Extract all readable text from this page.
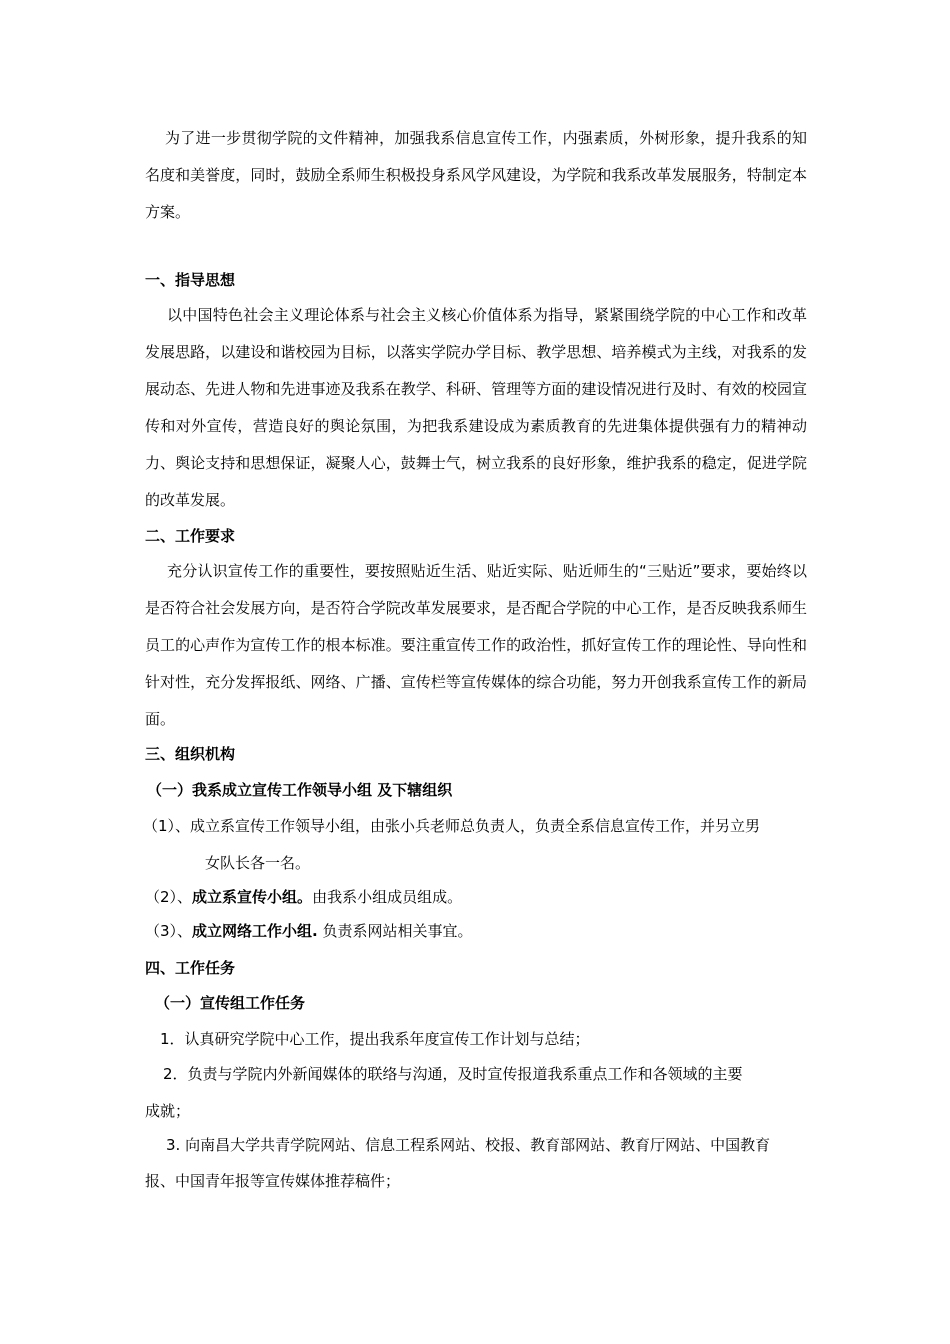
为了进一步贯彻学院的文件精神，加强我系信息宣传工作，内强素质，外树形象，提升我系的知名度和美誉度，同时，鼓励全系师生积极投身系风学风建设，为学院和我系改革发展服务，特制定本方案。

一、指导思想

以中国特色社会主义理论体系与社会主义核心价值体系为指导，紧紧围绕学院的中心工作和改革发展思路，以建设和谐校园为目标，以落实学院办学目标、教学思想、培养模式为主线，对我系的发展动态、先进人物和先进事迹及我系在教学、科研、管理等方面的建设情况进行及时、有效的校园宣传和对外宣传，营造良好的舆论氛围，为把我系建设成为素质教育的先进集体提供强有力的精神动力、舆论支持和思想保证，凝聚人心，鼓舞士气，树立我系的良好形象，维护我系的稳定，促进学院的改革发展。

二、工作要求

充分认识宣传工作的重要性，要按照贴近生活、贴近实际、贴近师生的“三贴近”要求，要始终以是否符合社会发展方向，是否符合学院改革发展要求，是否配合学院的中心工作，是否反映我系师生员工的心声作为宣传工作的根本标准。要注重宣传工作的政治性，抓好宣传工作的理论性、导向性和针对性，充分发挥报纸、网络、广播、宣传栏等宣传媒体的综合功能，努力开创我系宣传工作的新局面。

三、组织机构
（一）我系成立宣传工作领导小组 及下辖组织
（1）、成立系宣传工作领导小组，由张小兵老师总负责人，负责全系信息宣传工作，并另立男
女队长各一名。
（2）、成立系宣传小组。由我系小组成员组成。
（3）、成立网络工作小组. 负责系网站相关事宜。
四、工作任务
（一）宣传组工作任务
1．认真研究学院中心工作，提出我系年度宣传工作计划与总结；
2．负责与学院内外新闻媒体的联络与沟通，及时宣传报道我系重点工作和各领域的主要
成就；
3. 向南昌大学共青学院网站、信息工程系网站、校报、教育部网站、教育厅网站、中国教育
报、中国青年报等宣传媒体推荐稿件；
